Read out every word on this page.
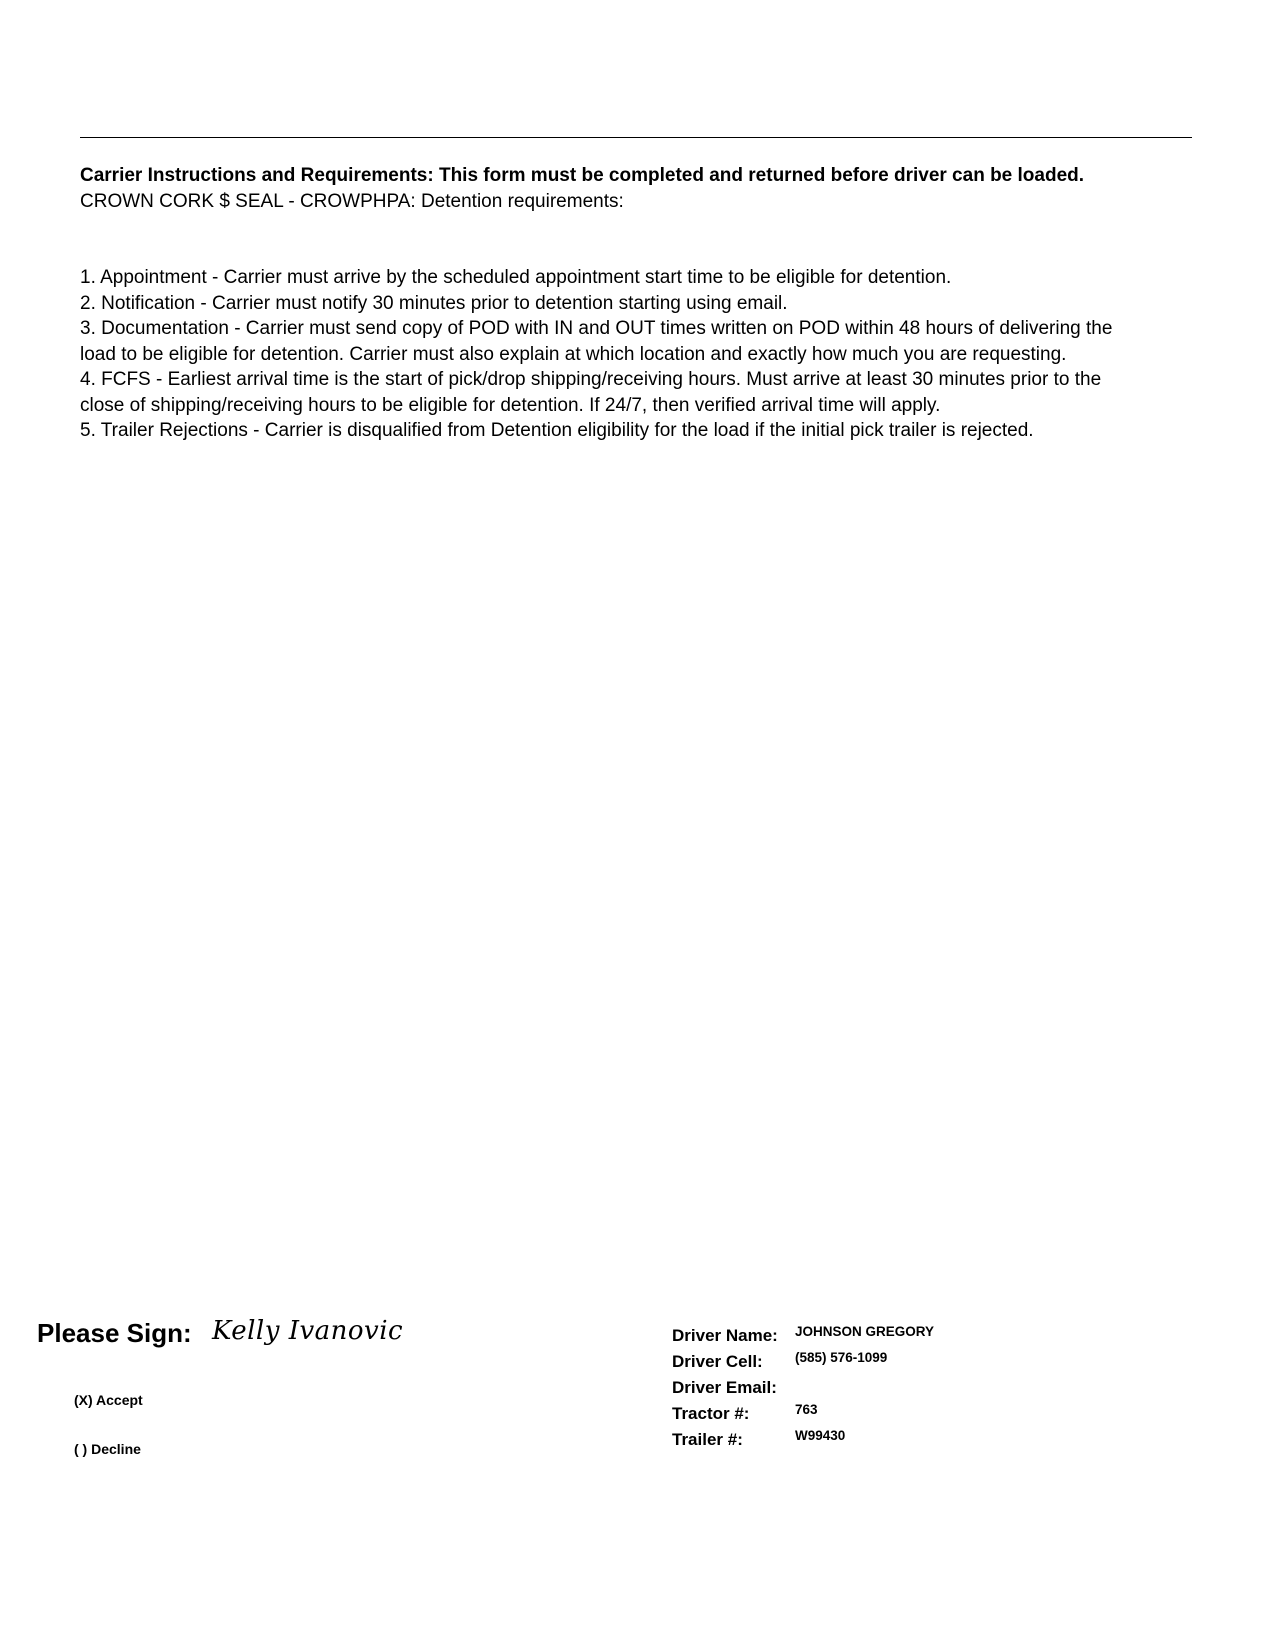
Carrier Instructions and Requirements: This form must be completed and returned before driver can be loaded.
CROWN CORK $ SEAL - CROWPHPA: Detention requirements:
1. Appointment - Carrier must arrive by the scheduled appointment start time to be eligible for detention.
2. Notification - Carrier must notify 30 minutes prior to detention starting using email.
3. Documentation - Carrier must send copy of POD with IN and OUT times written on POD within 48 hours of delivering the load to be eligible for detention. Carrier must also explain at which location and exactly how much you are requesting.
4. FCFS - Earliest arrival time is the start of pick/drop shipping/receiving hours. Must arrive at least 30 minutes prior to the close of shipping/receiving hours to be eligible for detention. If 24/7, then verified arrival time will apply.
5. Trailer Rejections - Carrier is disqualified from Detention eligibility for the load if the initial pick trailer is rejected.
Please Sign: Kelly Ivanovic
(X) Accept
( ) Decline
Driver Name: JOHNSON GREGORY
Driver Cell: (585) 576-1099
Driver Email:
Tractor #:	763
Trailer #:	W99430
